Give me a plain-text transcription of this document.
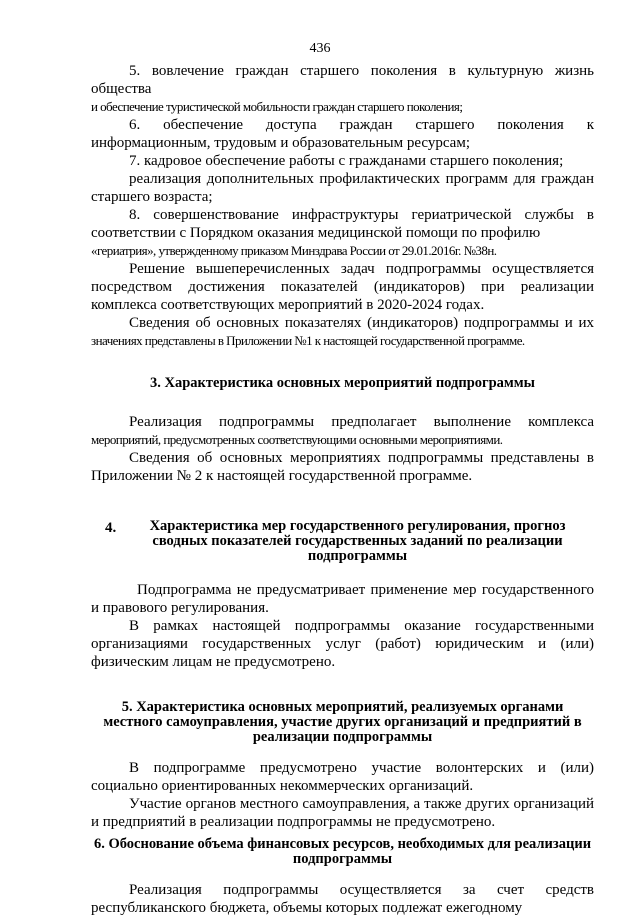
436

5. вовлечение граждан старшего поколения в культурную жизнь общества

и обеспечение туристической мобильности граждан старшего поколения;

6. обеспечение доступа граждан старшего поколения к информационным, трудовым и образовательным ресурсам;

7. кадровое обеспечение работы с гражданами старшего поколения;

реализация дополнительных профилактических программ для граждан старшего возраста;

8. совершенствование инфраструктуры гериатрической службы в соответствии с Порядком оказания медицинской помощи по профилю

«гериатрия», утвержденному приказом Минздрава России от 29.01.2016г. №38н.

Решение вышеперечисленных задач подпрограммы осуществляется посредством достижения показателей (индикаторов) при реализации комплекса соответствующих мероприятий в 2020-2024 годах.

Сведения об основных показателях (индикаторов) подпрограммы и их

значениях представлены в Приложении №1 к настоящей государственной программе.

3. Характеристика основных мероприятий подпрограммы

Реализация подпрограммы предполагает выполнение комплекса

мероприятий, предусмотренных соответствующими основными мероприятиями.

Сведения об основных мероприятиях подпрограммы представлены в Приложении № 2 к настоящей государственной программе.

4.	Характеристика мер государственного регулирования, прогноз сводных показателей государственных заданий по реализации подпрограммы

Подпрограмма не предусматривает применение мер государственного и правового регулирования.

В рамках настоящей подпрограммы оказание государственными организациями государственных услуг (работ) юридическим и (или) физическим лицам не предусмотрено.

5. Характеристика основных мероприятий, реализуемых органами местного самоуправления, участие других организаций и предприятий в реализации подпрограммы

В подпрограмме предусмотрено участие волонтерских и (или) социально ориентированных некоммерческих организаций.

Участие органов местного самоуправления, а также других организаций и предприятий в реализации подпрограммы не предусмотрено.

6. Обоснование объема финансовых ресурсов, необходимых для реализации подпрограммы

Реализация подпрограммы осуществляется за счет средств республиканского бюджета, объемы которых подлежат ежегодному
